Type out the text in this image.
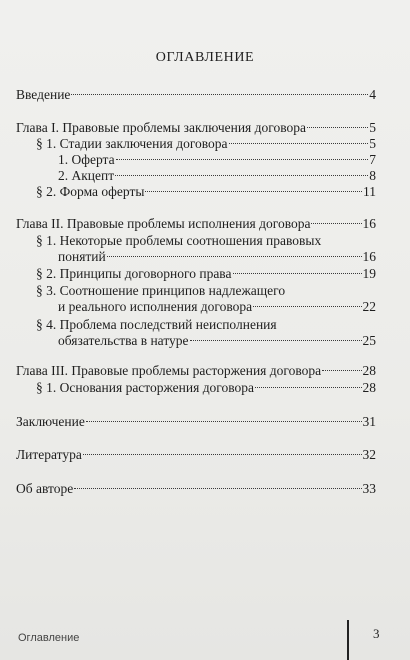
ОГЛАВЛЕНИЕ
Введение	4
Глава I. Правовые проблемы заключения договора	5
§ 1. Стадии заключения договора	5
1. Оферта	7
2. Акцепт	8
§ 2. Форма оферты	11
Глава II. Правовые проблемы исполнения договора	16
§ 1. Некоторые проблемы соотношения правовых
понятий	16
§ 2. Принципы договорного права	19
§ 3. Соотношение принципов надлежащего
и реального исполнения договора	22
§ 4. Проблема последствий неисполнения
обязательства в натуре	25
Глава III. Правовые проблемы расторжения договора	28
§ 1. Основания расторжения договора	28
Заключение	31
Литература	32
Об авторе	33
Оглавление	3
